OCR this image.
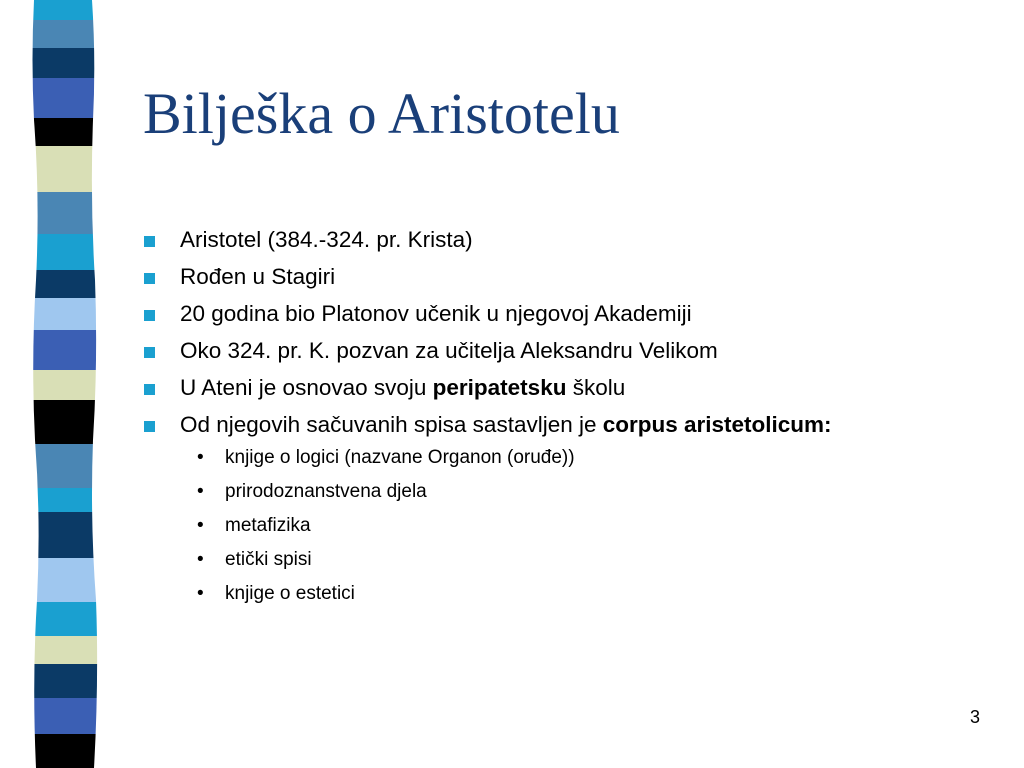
Bilješka o Aristotelu
Aristotel (384.-324. pr. Krista)
Rođen u Stagiri
20 godina bio Platonov učenik u njegovoj Akademiji
Oko 324. pr. K. pozvan za učitelja Aleksandru Velikom
U Ateni je osnovao svoju peripatetsku školu
Od njegovih sačuvanih spisa sastavljen je corpus aristetolicum:
• knjige o logici (nazvane Organon (oruđe))
• prirodoznanstvena djela
• metafizika
• etički spisi
• knjige o estetici
3
